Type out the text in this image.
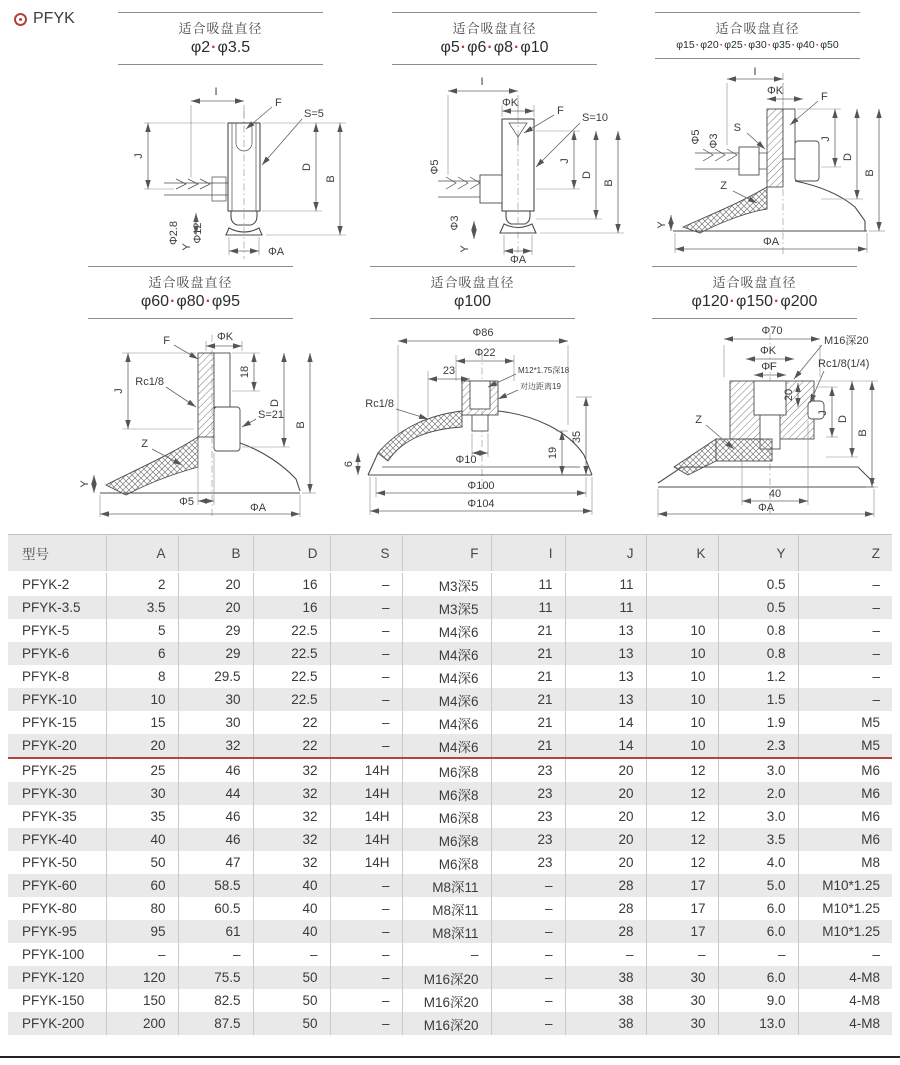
PFYK
适合吸盘直径
φ2·φ3.5
I
F
S=5
J
D
B
Φ2.8 Φ12
Y	ΦA
适合吸盘直径
φ5·φ6·φ8·φ10
I
ΦK
F
S=10
Φ5
Φ3
J
D
B
Y
ΦA
适合吸盘直径
φ15·φ20·φ25·φ30·φ35·φ40·φ50
I
ΦK	F
S
Φ5 Φ3
Z
J
D
B
Y
ΦA
适合吸盘直径
φ60·φ80·φ95
F	ΦK
J
Rc1/8
18
S=21
Z
D
B
Y
Φ5	ΦA
适合吸盘直径
φ100
Φ86
Φ22
23	M12*1.75深18
对边距离19
Rc1/8
6	Φ10
19
35
Φ100
Φ104
适合吸盘直径
φ120·φ150·φ200
Φ70
M16深20
ΦK
ΦF	Rc1/8(1/4)
20
Z
J
D
B
40
ΦA
型号	A	B	D	S	F	I	J	K	Y	Z
PFYK-2	2	20	16	–	M3深5	11	11		0.5	–
PFYK-3.5	3.5	20	16	–	M3深5	11	11		0.5	–
PFYK-5	5	29	22.5	–	M4深6	21	13	10	0.8	–
PFYK-6	6	29	22.5	–	M4深6	21	13	10	0.8	–
PFYK-8	8	29.5	22.5	–	M4深6	21	13	10	1.2	–
PFYK-10	10	30	22.5	–	M4深6	21	13	10	1.5	–
PFYK-15	15	30	22	–	M4深6	21	14	10	1.9	M5
PFYK-20	20	32	22	–	M4深6	21	14	10	2.3	M5
PFYK-25	25	46	32	14H	M6深8	23	20	12	3.0	M6
PFYK-30	30	44	32	14H	M6深8	23	20	12	2.0	M6
PFYK-35	35	46	32	14H	M6深8	23	20	12	3.0	M6
PFYK-40	40	46	32	14H	M6深8	23	20	12	3.5	M6
PFYK-50	50	47	32	14H	M6深8	23	20	12	4.0	M8
PFYK-60	60	58.5	40	–	M8深11	–	28	17	5.0	M10*1.25
PFYK-80	80	60.5	40	–	M8深11	–	28	17	6.0	M10*1.25
PFYK-95	95	61	40	–	M8深11	–	28	17	6.0	M10*1.25
PFYK-100	–	–	–	–	–	–	–	–	–	–
PFYK-120	120	75.5	50	–	M16深20	–	38	30	6.0	4-M8
PFYK-150	150	82.5	50	–	M16深20	–	38	30	9.0	4-M8
PFYK-200	200	87.5	50	–	M16深20	–	38	30	13.0	4-M8
